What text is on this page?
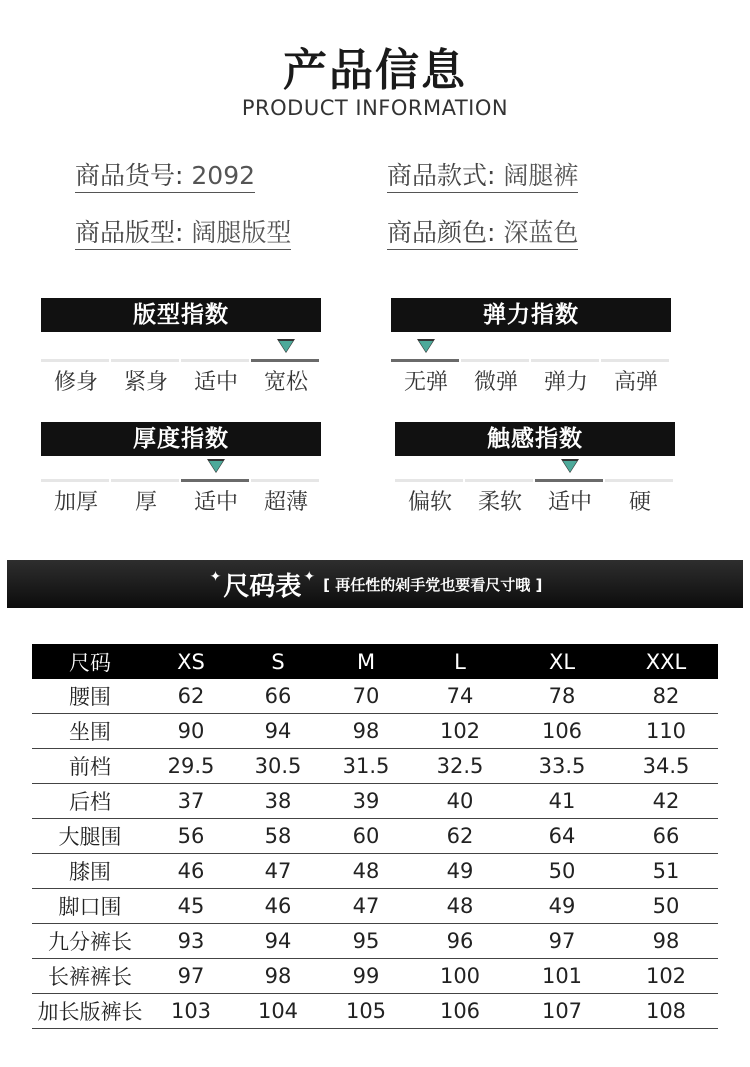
产品信息
PRODUCT INFORMATION
商品货号: 2092	商品款式: 阔腿裤
商品版型: 阔腿版型	商品颜色: 深蓝色
版型指数
修身	紧身	适中	宽松
弹力指数
无弹	微弹	弹力	高弹
厚度指数
加厚	厚	适中	超薄
触感指数
偏软	柔软	适中	硬
✦尺码表 ✦ [ 再任性的剁手党也要看尺寸哦 ]
尺码	XS	S	M	L	XL	XXL
腰围	62	66	70	74	78	82
坐围	90	94	98	102	106	110
前档	29.5	30.5	31.5	32.5	33.5	34.5
后档	37	38	39	40	41	42
大腿围	56	58	60	62	64	66
膝围	46	47	48	49	50	51
脚口围	45	46	47	48	49	50
九分裤长	93	94	95	96	97	98
长裤裤长	97	98	99	100	101	102
加长版裤长	103	104	105	106	107	108
